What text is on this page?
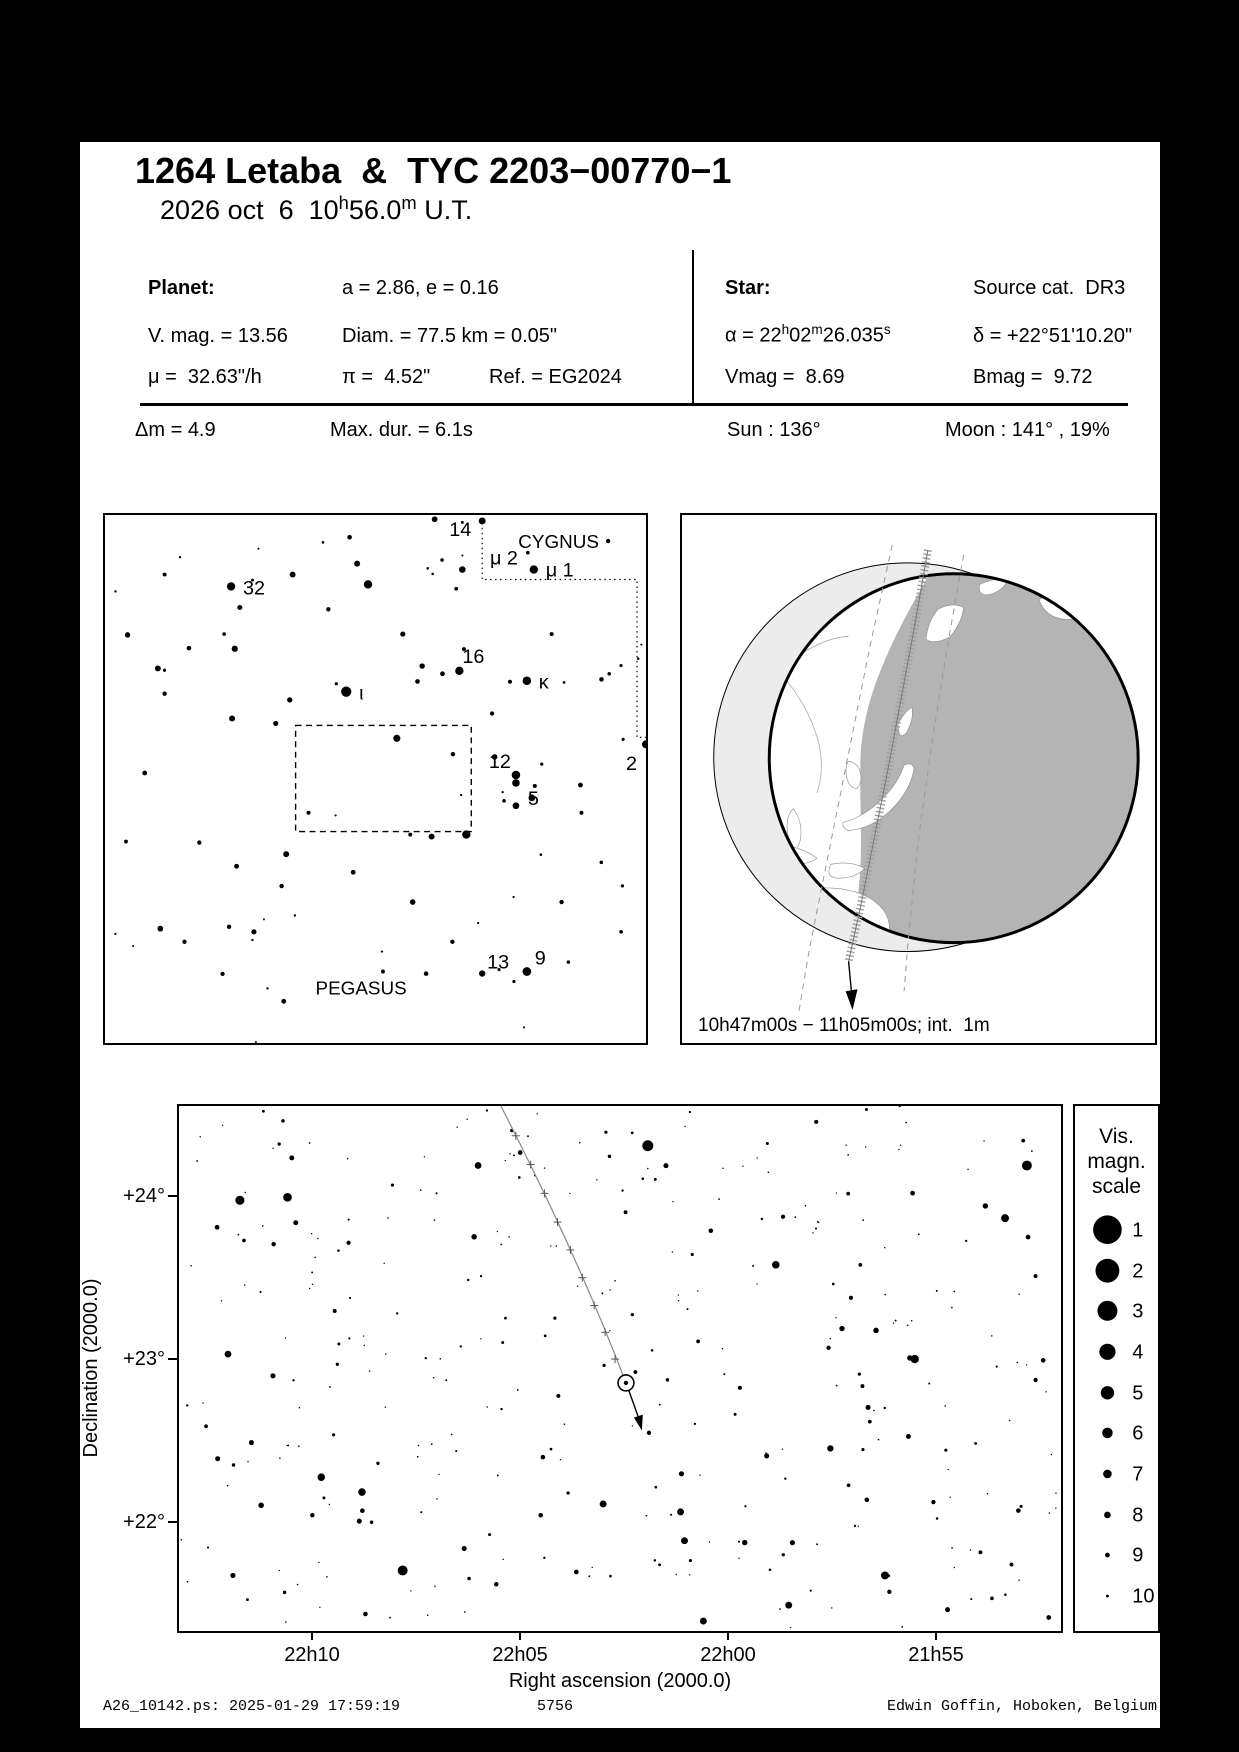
1264 Letaba  &  TYC 2203−00770−1
2026 oct  6  10$^h$56.0$^m$ U.T.
Planet:	a = 2.86, e = 0.16	Star:	Source cat.  DR3
V. mag. = 13.56	Diam. = 77.5 km = 0.05"	$\alpha = 22^h02^m26.035^s$	δ = +22°51'10.20"
μ =  32.63"/h	π =  4.52"	Ref. = EG2024	Vmag =  8.69	Bmag =  9.72
Δm = 4.9	Max. dur. = 6.1s	Sun : 136°	Moon : 141° , 19%
14
μ 2
μ 1
32
16
κ
ι
12	2
5
13 9
CYGNUS
PEGASUS
10h47m00s − 11h05m00s; int.  1m
22h10	22h05	22h00	21h55
+24°
+23°
+22°
Right ascension (2000.0)
Declination (2000.0)
Vis.
magn.
scale
1
2
3
4
5
6
7
8
9
10
A26_10142.ps: 2025-01-29 17:59:19	5756	Edwin Goffin, Hoboken, Belgium
